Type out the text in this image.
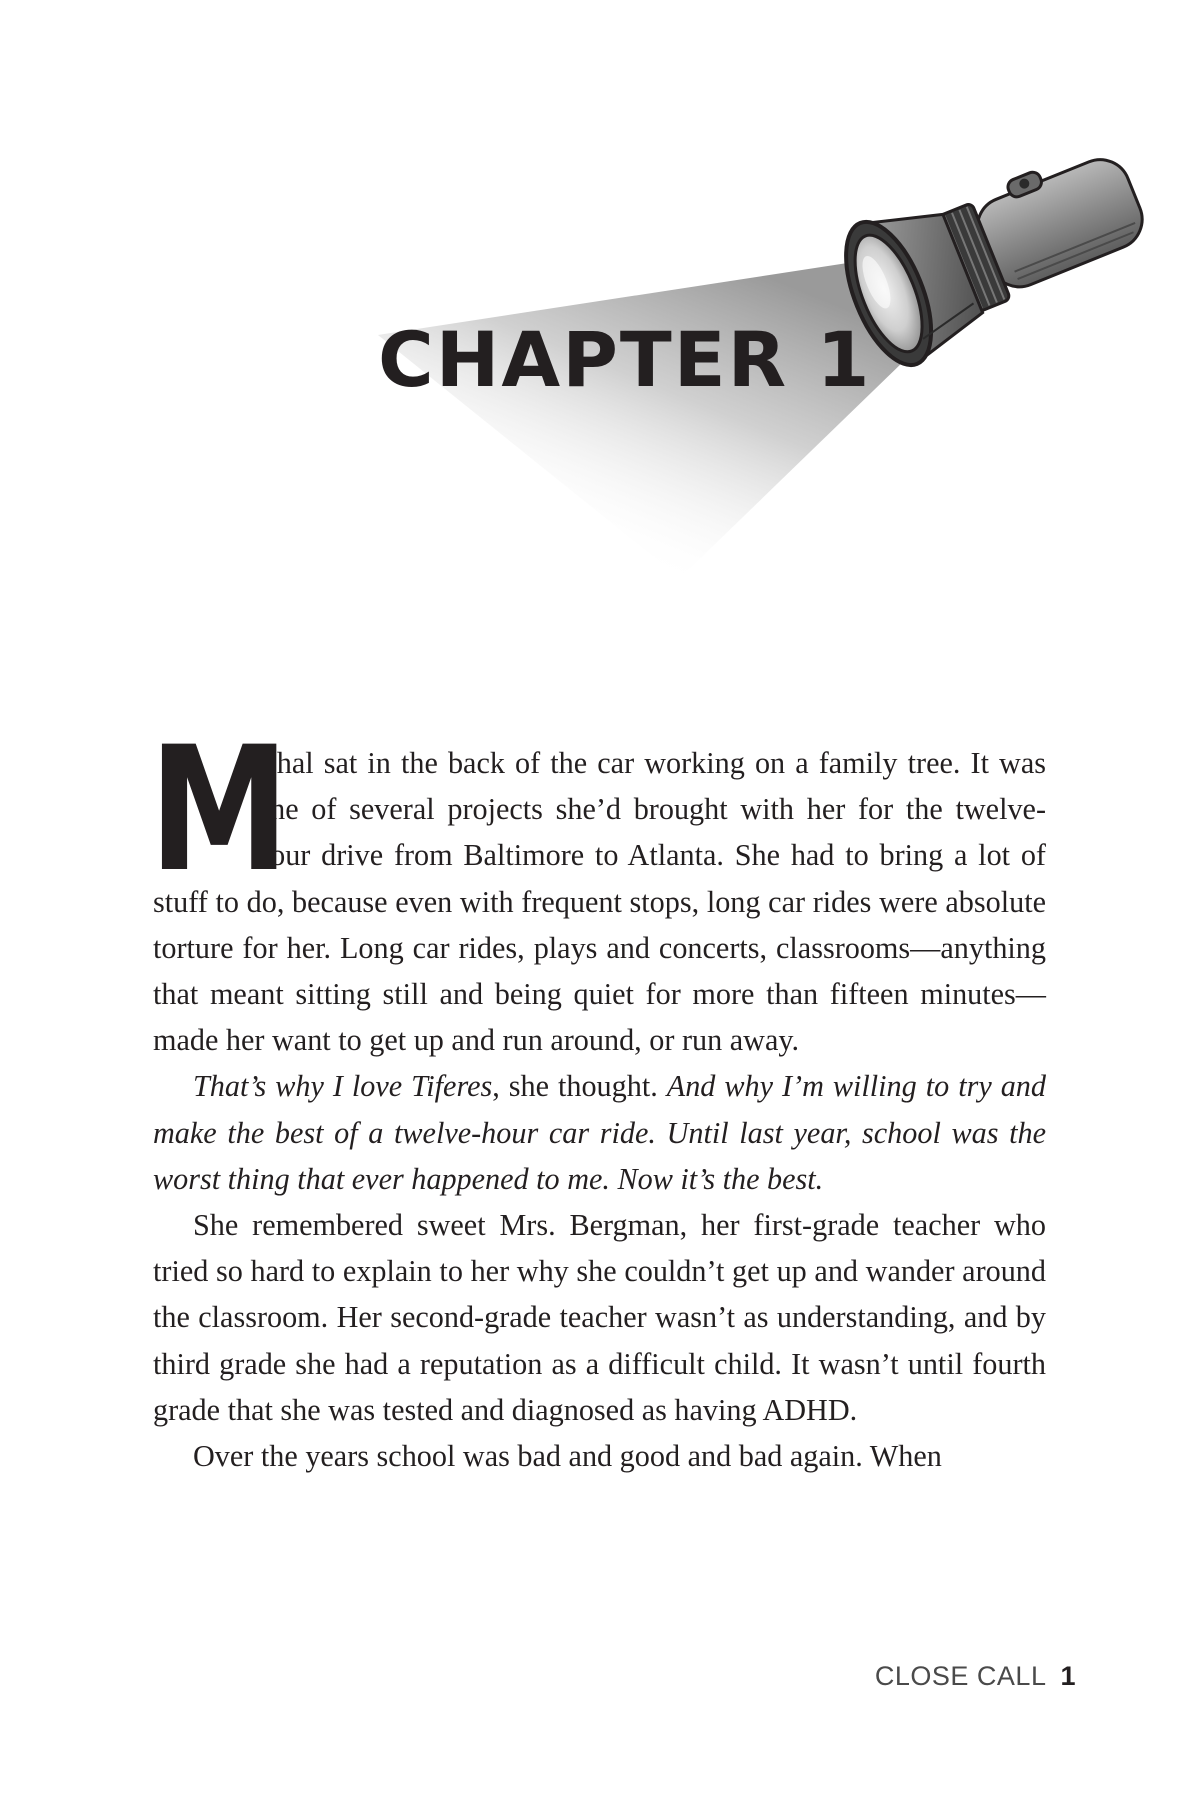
CHAPTER 1

M
ichal sat in the back of the car working on a family tree. It was one of several projects she’d brought with her for the twelve-hour drive from Baltimore to Atlanta. She had to bring a lot of stuff to do, because even with frequent stops, long car rides were absolute torture for her. Long car rides, plays and concerts, classrooms—anything that meant sitting still and being quiet for more than fifteen minutes—made her want to get up and run around, or run away.

That’s why I love Tiferes, she thought. And why I’m willing to try and make the best of a twelve-hour car ride. Until last year, school was the worst thing that ever happened to me. Now it’s the best.

She remembered sweet Mrs. Bergman, her first-grade teacher who tried so hard to explain to her why she couldn’t get up and wander around the classroom. Her second-grade teacher wasn’t as understanding, and by third grade she had a reputation as a difficult child. It wasn’t until fourth grade that she was tested and diagnosed as having ADHD.

Over the years school was bad and good and bad again. When

CLOSE CALL 1
